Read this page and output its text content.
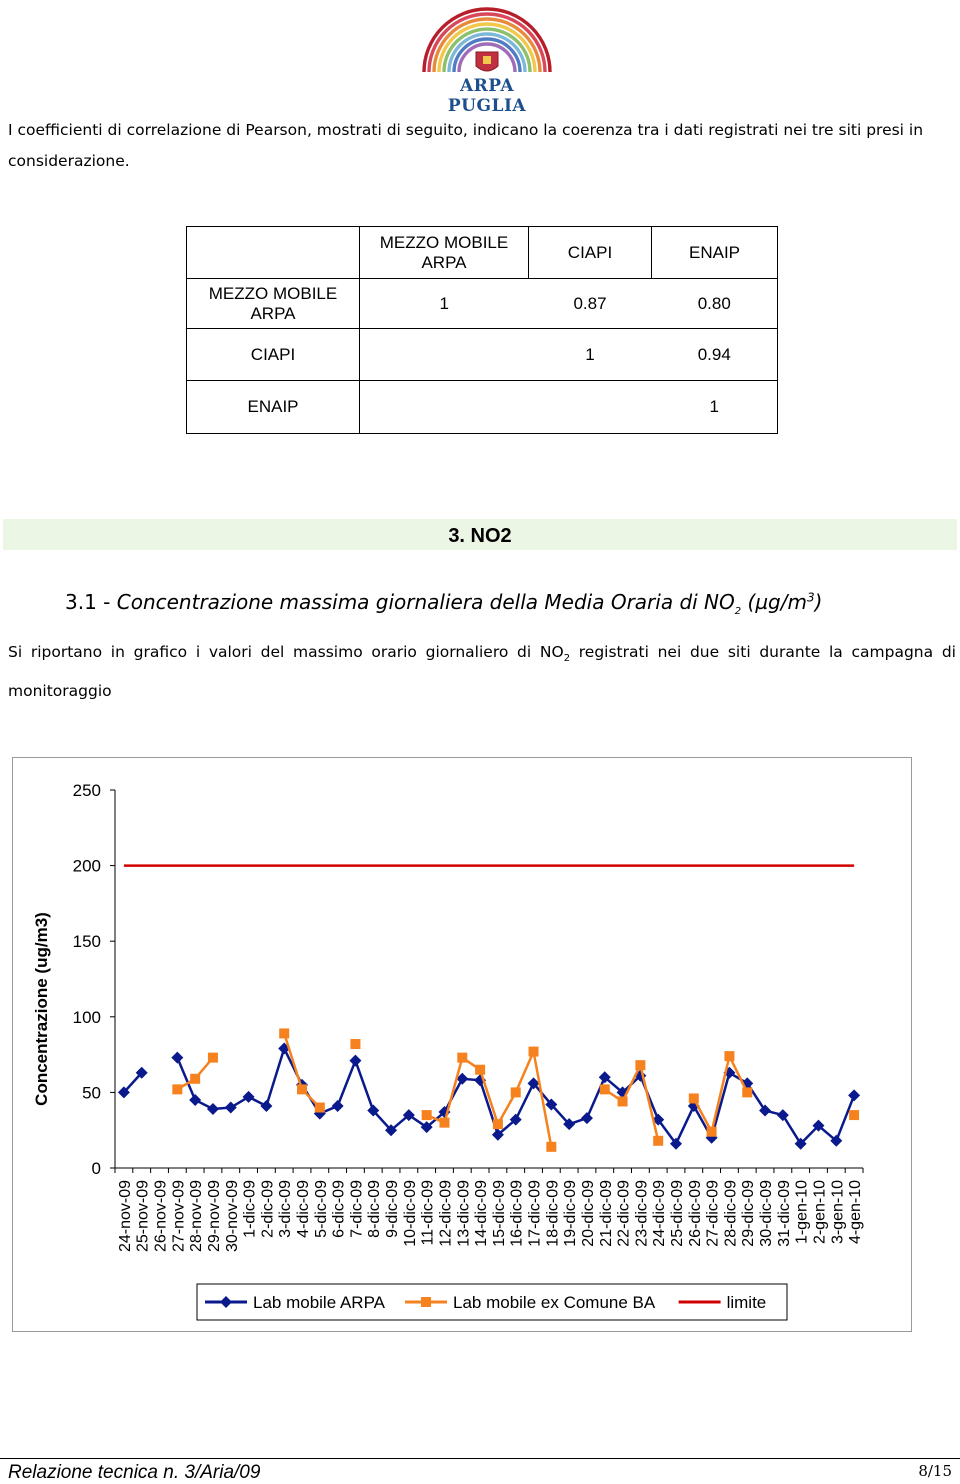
ARPA PUGLIA
I coefficienti di correlazione di Pearson, mostrati di seguito, indicano la coerenza tra i dati registrati nei tre siti presi in considerazione.
	MEZZO MOBILE ARPA	CIAPI	ENAIP
MEZZO MOBILE ARPA	1	0.87	0.80
CIAPI		1	0.94
ENAIP			1
3. NO2
3.1 - Concentrazione massima giornaliera della Media Oraria di $NO_2$ $(\mu g/m^3)$
Si riportano in grafico i valori del massimo orario giornaliero di $NO_2$ registrati nei due siti durante la campagna di monitoraggio
0
50
100
150
200
250
24-nov-09 25-nov-09 26-nov-09 27-nov-09 28-nov-09 29-nov-09 30-nov-09 1-dic-09 2-dic-09 3-dic-09 4-dic-09 5-dic-09 6-dic-09 7-dic-09 8-dic-09 9-dic-09 10-dic-09 11-dic-09 12-dic-09 13-dic-09 14-dic-09 15-dic-09 16-dic-09 17-dic-09 18-dic-09 19-dic-09 20-dic-09 21-dic-09 22-dic-09 23-dic-09 24-dic-09 25-dic-09 26-dic-09 27-dic-09 28-dic-09 29-dic-09 30-dic-09 31-dic-09 1-gen-10 2-gen-10 3-gen-10 4-gen-10
Concentrazione (ug/m3)
Lab mobile ARPA	Lab mobile ex Comune BA	limite
Relazione tecnica n. 3/Aria/09	8/15
